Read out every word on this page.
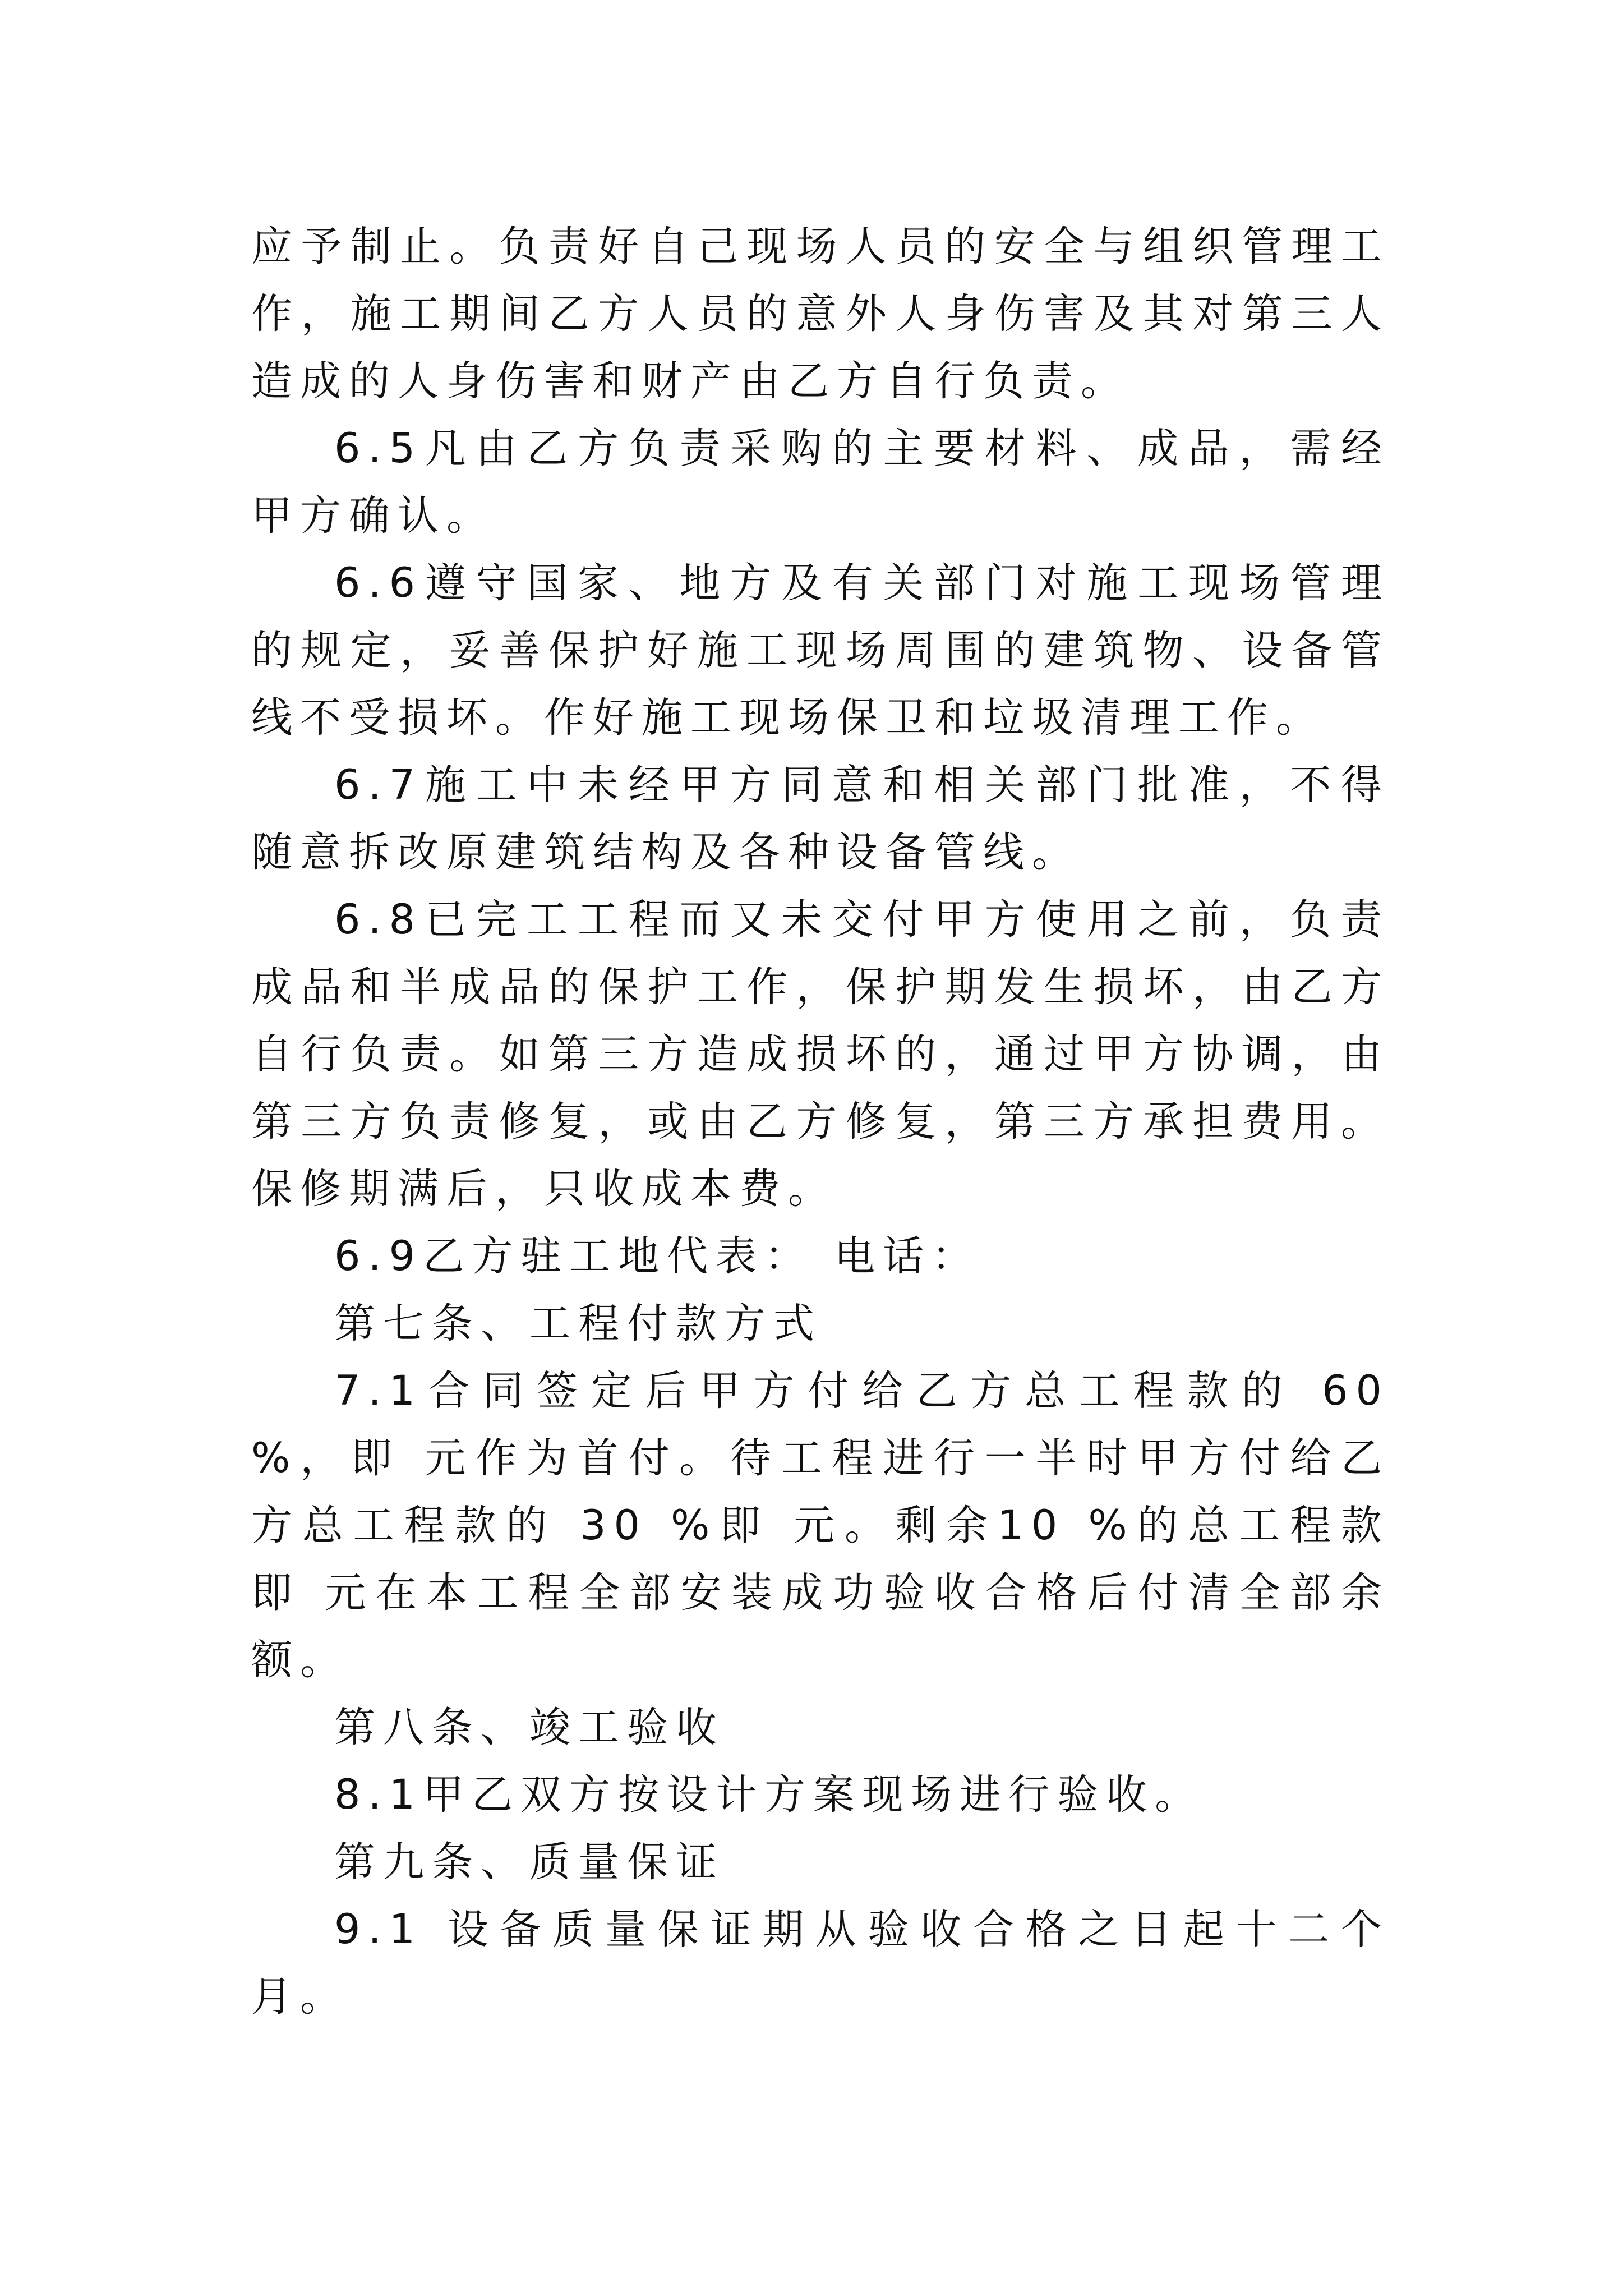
应予制止。负责好自己现场人员的安全与组织管理工作，施工期间乙方人员的意外人身伤害及其对第三人造成的人身伤害和财产由乙方自行负责。

6.5凡由乙方负责采购的主要材料、成品，需经甲方确认。

6.6遵守国家、地方及有关部门对施工现场管理的规定，妥善保护好施工现场周围的建筑物、设备管线不受损坏。作好施工现场保卫和垃圾清理工作。

6.7施工中未经甲方同意和相关部门批准，不得随意拆改原建筑结构及各种设备管线。

6.8已完工工程而又未交付甲方使用之前，负责成品和半成品的保护工作，保护期发生损坏，由乙方自行负责。如第三方造成损坏的，通过甲方协调，由第三方负责修复，或由乙方修复，第三方承担费用。保修期满后，只收成本费。

6.9乙方驻工地代表： 电话：

第七条、工程付款方式

7.1合同签定后甲方付给乙方总工程款的 60 %，即 元作为首付。待工程进行一半时甲方付给乙方总工程款的 30 %即 元。剩余10 %的总工程款即 元在本工程全部安装成功验收合格后付清全部余额。

第八条、竣工验收

8.1甲乙双方按设计方案现场进行验收。

第九条、质量保证

9.1 设备质量保证期从验收合格之日起十二个月。
